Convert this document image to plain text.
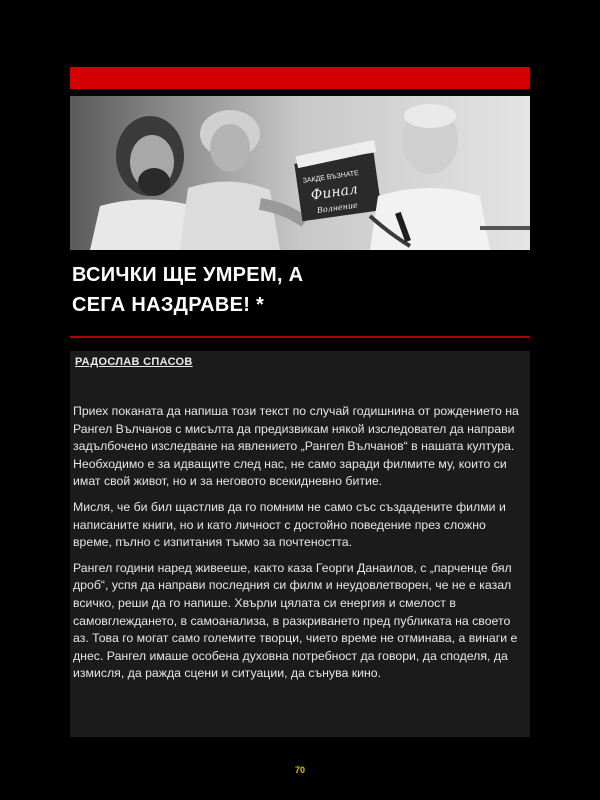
ЗАКДЕ ВЪЗНАТЕ
Финал
Волнение
ВСИЧКИ ЩЕ УМРЕМ, А
СЕГА НАЗДРАВЕ! *
РАДОСЛАВ СПАСОВ

Приех поканата да напиша този текст по случай годишнина от рождението на Рангел Вълчанов с мисълта да предизвикам някой изследовател да направи задълбочено изследване на явлението „Рангел Вълчанов“ в нашата култура. Необходимо е за идващите след нас, не само заради филмите му, които си имат свой живот, но и за неговото всекидневно битие.

Мисля, че би бил щастлив да го помним не само със създадените филми и написаните книги, но и като личност с достойно поведение през сложно време, пълно с изпитания тъкмо за почтеността.

Рангел години наред живееше, както каза Георги Данаилов, с „парченце бял дроб“, успя да направи последния си филм и неудовлетворен, че не е казал всичко, реши да го напише. Хвърли цялата си енергия и смелост в самовглеждането, в самоанализа, в разкриването пред публиката на своето аз. Това го могат само големите творци, чието време не отминава, а винаги е днес. Рангел имаше особена духовна потребност да говори, да споделя, да измисля, да ражда сцени и ситуации, да сънува кино.

70
